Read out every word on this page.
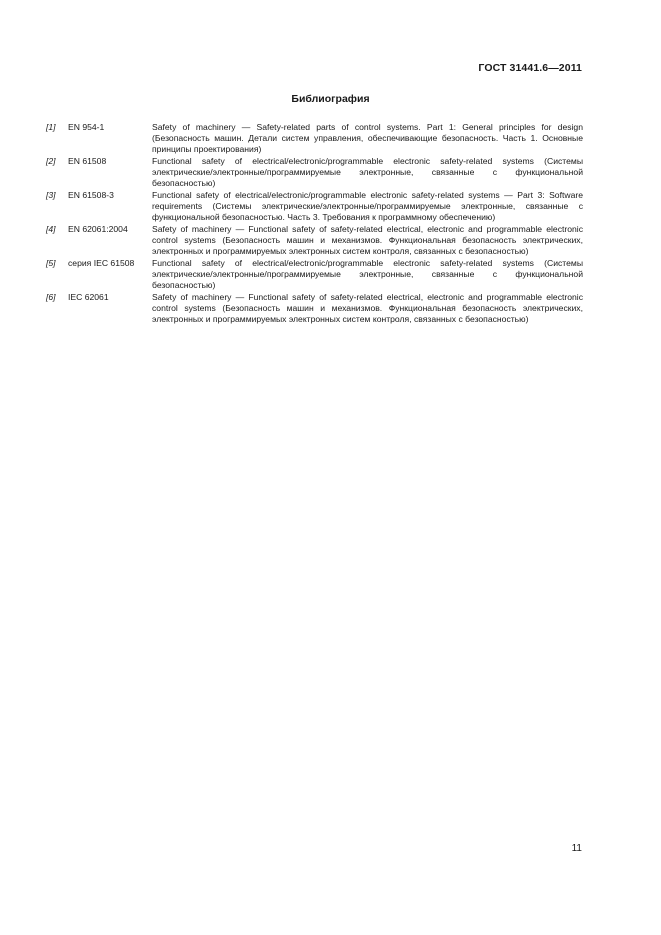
ГОСТ 31441.6—2011
Библиография
[1]	EN 954-1	Safety of machinery — Safety-related parts of control systems. Part 1: General principles for design (Безопасность машин. Детали систем управления, обеспечивающие безопасность. Часть 1. Основные принципы проектирования)
[2]	EN 61508	Functional safety of electrical/electronic/programmable electronic safety-related systems (Системы электрические/электронные/программируемые электронные, связанные с функциональной безопасностью)
[3]	EN 61508-3	Functional safety of electrical/electronic/programmable electronic safety-related systems — Part 3: Software requirements (Системы электрические/электронные/программируемые электронные, связанные с функциональной безопасностью. Часть 3. Требования к программному обеспечению)
[4]	EN 62061:2004	Safety of machinery — Functional safety of safety-related electrical, electronic and programmable electronic control systems (Безопасность машин и механизмов. Функциональная безопасность электрических, электронных и программируемых электронных систем контроля, связанных с безопасностью)
[5]	серия IEC 61508	Functional safety of electrical/electronic/programmable electronic safety-related systems (Системы электрические/электронные/программируемые электронные, связанные с функциональной безопасностью)
[6]	IEC 62061	Safety of machinery — Functional safety of safety-related electrical, electronic and programmable electronic control systems (Безопасность машин и механизмов. Функциональная безопасность электрических, электронных и программируемых электронных систем контроля, связанных с безопасностью)
11
